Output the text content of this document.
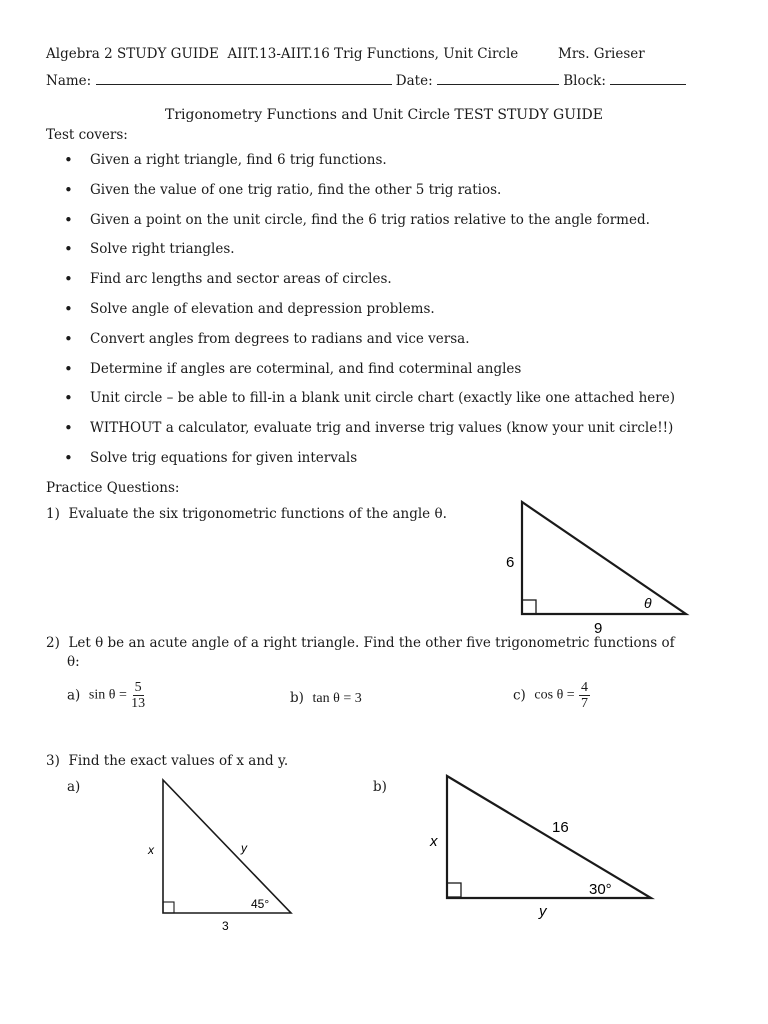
Algebra 2 STUDY GUIDE AIIT.13-AIIT.16 Trig Functions, Unit Circle	Mrs. Grieser
Name:	Date:	Block:
Trigonometry Functions and Unit Circle TEST STUDY GUIDE
Test covers:
• Given a right triangle, find 6 trig functions.
• Given the value of one trig ratio, find the other 5 trig ratios.
• Given a point on the unit circle, find the 6 trig ratios relative to the angle formed.
• Solve right triangles.
• Find arc lengths and sector areas of circles.
• Solve angle of elevation and depression problems.
• Convert angles from degrees to radians and vice versa.
• Determine if angles are coterminal, and find coterminal angles
• Unit circle – be able to fill-in a blank unit circle chart (exactly like one attached here)
• WITHOUT a calculator, evaluate trig and inverse trig values (know your unit circle!!)
• Solve trig equations for given intervals
Practice Questions:
1) Evaluate the six trigonometric functions of the angle θ.
6
9
θ
2) Let θ be an acute angle of a right triangle. Find the other five trigonometric functions of
θ:
a) $\sin \theta = \frac{5}{13}$	b) tan θ = 3	c) $\cos \theta = \frac{4}{7}$
3) Find the exact values of x and y.
a)
x	y
3
45°
b)
x
16
y
30°
